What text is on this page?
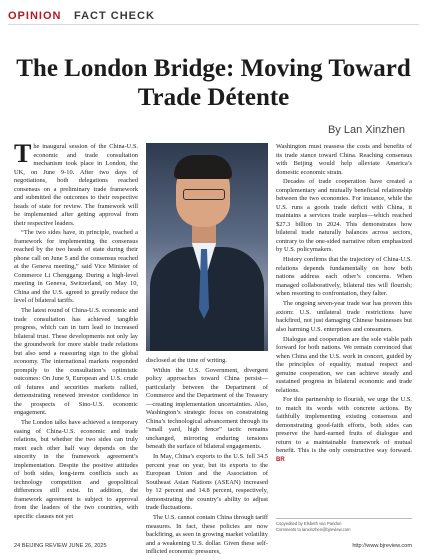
OPINION FACT CHECK
The London Bridge: Moving Toward Trade Détente
By Lan Xinzhen

The inaugural session of the China-U.S. economic and trade consultation mechanism took place in London, the UK, on June 9-10. After two days of negotiations, both delegations reached consensus on a preliminary trade framework and submitted the outcomes to their respective heads of state for review. The framework will be implemented after getting approval from their respective leaders.

“The two sides have, in principle, reached a framework for implementing the consensus reached by the two heads of state during their phone call on June 5 and the consensus reached at the Geneva meeting,” said Vice Minister of Commerce Li Chenggang. During a high-level meeting in Geneva, Switzerland, on May 10, China and the U.S. agreed to greatly reduce the level of bilateral tariffs.

The latest round of China-U.S. economic and trade consultation has achieved tangible progress, which can in turn lead to increased bilateral trust. These developments not only lay the groundwork for more stable trade relations but also send a reassuring sign to the global economy. The international markets responded promptly to the consultation’s optimistic outcomes: On June 9, European and U.S. crude oil futures and securities markets rallied, demonstrating renewed investor confidence in the prospects of Sino-U.S. economic engagement.

The London talks have achieved a temporary easing of China-U.S. economic and trade relations, but whether the two sides can truly meet each other half way depends on the sincerity in the framework agreement’s implementation. Despite the positive attitudes of both sides, long-term conflicts such as technology competition and geopolitical differences still exist. In addition, the framework agreement is subject to approval from the leaders of the two countries, with specific clauses not yet

disclosed at the time of writing.

Within the U.S. Government, divergent policy approaches toward China persist—particularly between the Department of Commerce and the Department of the Treasury—creating implementation uncertainties. Also, Washington’s strategic focus on constraining China’s technological advancement through its “small yard, high fence” tactic remains unchanged, mirroring enduring tensions beneath the surface of bilateral engagements.

In May, China’s exports to the U.S. fell 34.5 percent year on year, but its exports to the European Union and the Association of Southeast Asian Nations (ASEAN) increased by 12 percent and 14.8 percent, respectively, demonstrating the country’s ability to adjust trade fluctuations.

The U.S. cannot contain China through tariff measures. In fact, these policies are now backfiring, as seen in growing market volatility and a weakening U.S. dollar. Given these self-inflicted economic pressures,

Washington must reassess the costs and benefits of its trade stance toward China. Reaching consensus with Beijing would help alleviate America’s domestic economic strain.

Decades of trade cooperation have created a complementary and mutually beneficial relationship between the two economies. For instance, while the U.S. runs a goods trade deficit with China, it maintains a services trade surplus—which reached $27.3 billion in 2024. This demonstrates how bilateral trade naturally balances across sectors, contrary to the one-sided narrative often emphasized by U.S. policymakers.

History confirms that the trajectory of China-U.S. relations depends fundamentally on how both nations address each other’s concerns. When managed collaboratively, bilateral ties will flourish; when resorting to confrontation, they falter.

The ongoing seven-year trade war has proven this axiom: U.S. unilateral trade restrictions have backfired, not just damaging Chinese businesses but also harming U.S. enterprises and consumers.

Dialogue and cooperation are the sole viable path forward for both nations. We remain convinced that when China and the U.S. work in concert, guided by the principles of equality, mutual respect and genuine cooperation, we can achieve steady and sustained progress in bilateral economic and trade relations.

For this partnership to flourish, we urge the U.S. to match its words with concrete actions. By faithfully implementing existing consensus and demonstrating good-faith efforts, both sides can preserve the hard-earned fruits of dialogue and return to a maintainable framework of mutual benefit. This is the only constructive way forward. BR

Copyedited by Elsbeth van Paridon
Comments to lanxinzhen@bjreview.com
24 BEIJING REVIEW JUNE 26, 2025	http://www.bjreview.com
